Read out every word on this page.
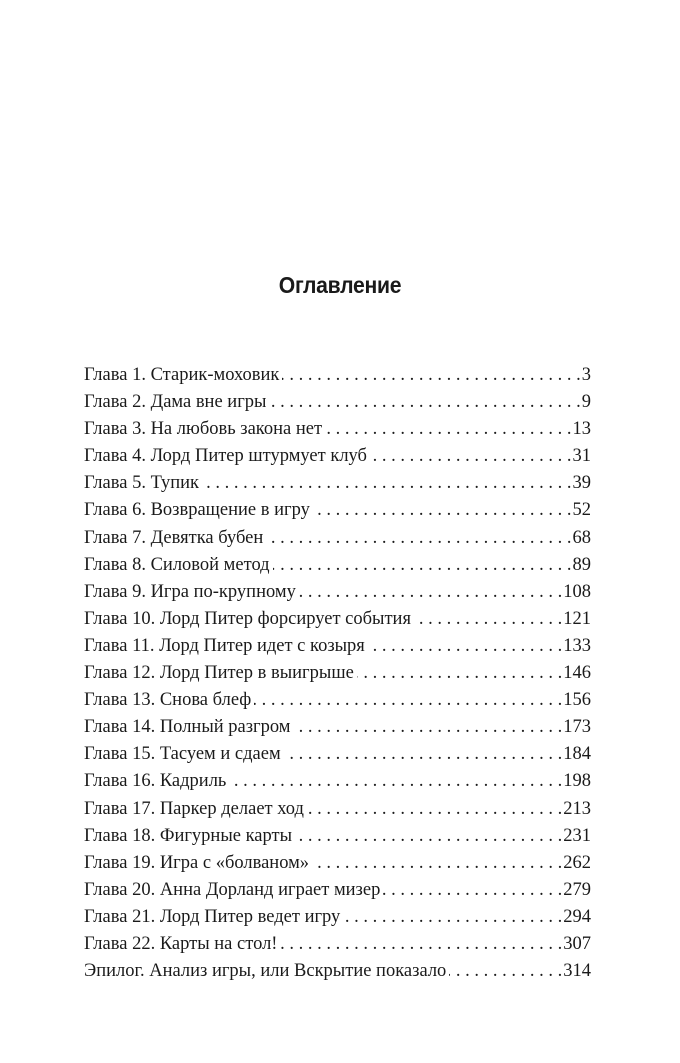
Оглавление
Глава 1. Старик-моховик . . .	3
Глава 2. Дама вне игры . . .	9
Глава 3. На любовь закона нет . . .	13
Глава 4. Лорд Питер штурмует клуб . . .	31
Глава 5. Тупик . . .	39
Глава 6. Возвращение в игру . . .	52
Глава 7. Девятка бубен . . .	68
Глава 8. Силовой метод . . .	89
Глава 9. Игра по-крупному . . .	108
Глава 10. Лорд Питер форсирует события . . .	121
Глава 11. Лорд Питер идет с козыря . . .	133
Глава 12. Лорд Питер в выигрыше . . .	146
Глава 13. Снова блеф . . .	156
Глава 14. Полный разгром . . .	173
Глава 15. Тасуем и сдаем . . .	184
Глава 16. Кадриль . . .	198
Глава 17. Паркер делает ход . . .	213
Глава 18. Фигурные карты . . .	231
Глава 19. Игра с «болваном» . . .	262
Глава 20. Анна Дорланд играет мизер . . .	279
Глава 21. Лорд Питер ведет игру . . .	294
Глава 22. Карты на стол! . . .	307
Эпилог. Анализ игры, или Вскрытие показало . . .	314
